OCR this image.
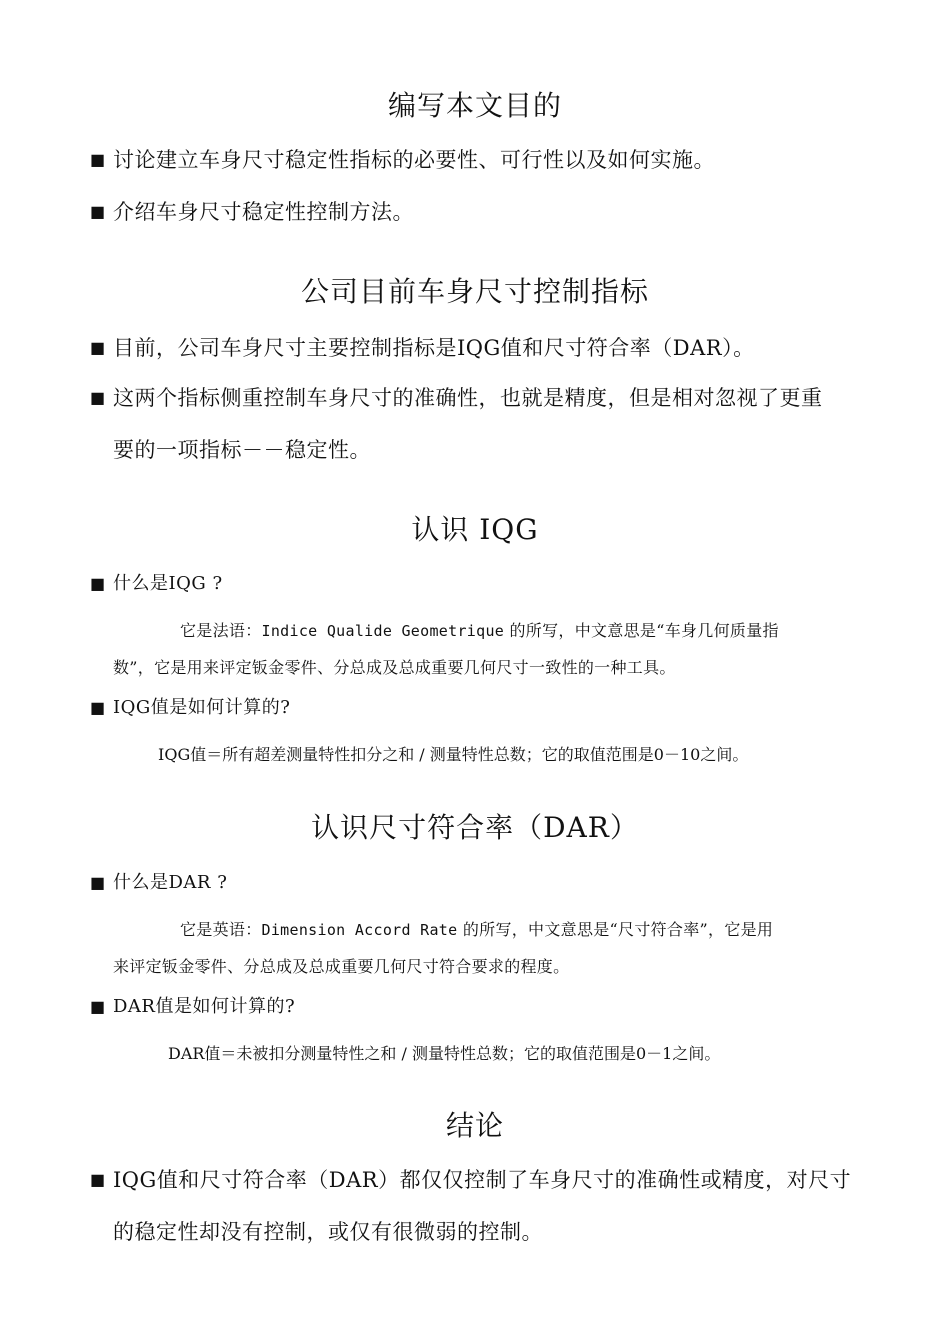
编写本文目的

■ 讨论建立车身尺寸稳定性指标的必要性、可行性以及如何实施。

■ 介绍车身尺寸稳定性控制方法。

公司目前车身尺寸控制指标

■ 目前，公司车身尺寸主要控制指标是IQG值和尺寸符合率（DAR）。

■ 这两个指标侧重控制车身尺寸的准确性，也就是精度，但是相对忽视了更重
要的一项指标－－稳定性。

认识 IQG

■ 什么是IQG ?

它是法语：Indice Qualide Geometrique 的所写，中文意思是“车身几何质量指

数”，它是用来评定钣金零件、分总成及总成重要几何尺寸一致性的一种工具。

■ IQG值是如何计算的?

IQG值＝所有超差测量特性扣分之和 / 测量特性总数；它的取值范围是0－10之间。

认识尺寸符合率（DAR）

■ 什么是DAR ?

它是英语：Dimension Accord Rate 的所写，中文意思是“尺寸符合率”，它是用

来评定钣金零件、分总成及总成重要几何尺寸符合要求的程度。

■ DAR值是如何计算的?

DAR值＝未被扣分测量特性之和 / 测量特性总数；它的取值范围是0－1之间。

结论

■ IQG值和尺寸符合率（DAR）都仅仅控制了车身尺寸的准确性或精度，对尺寸
的稳定性却没有控制，或仅有很微弱的控制。
